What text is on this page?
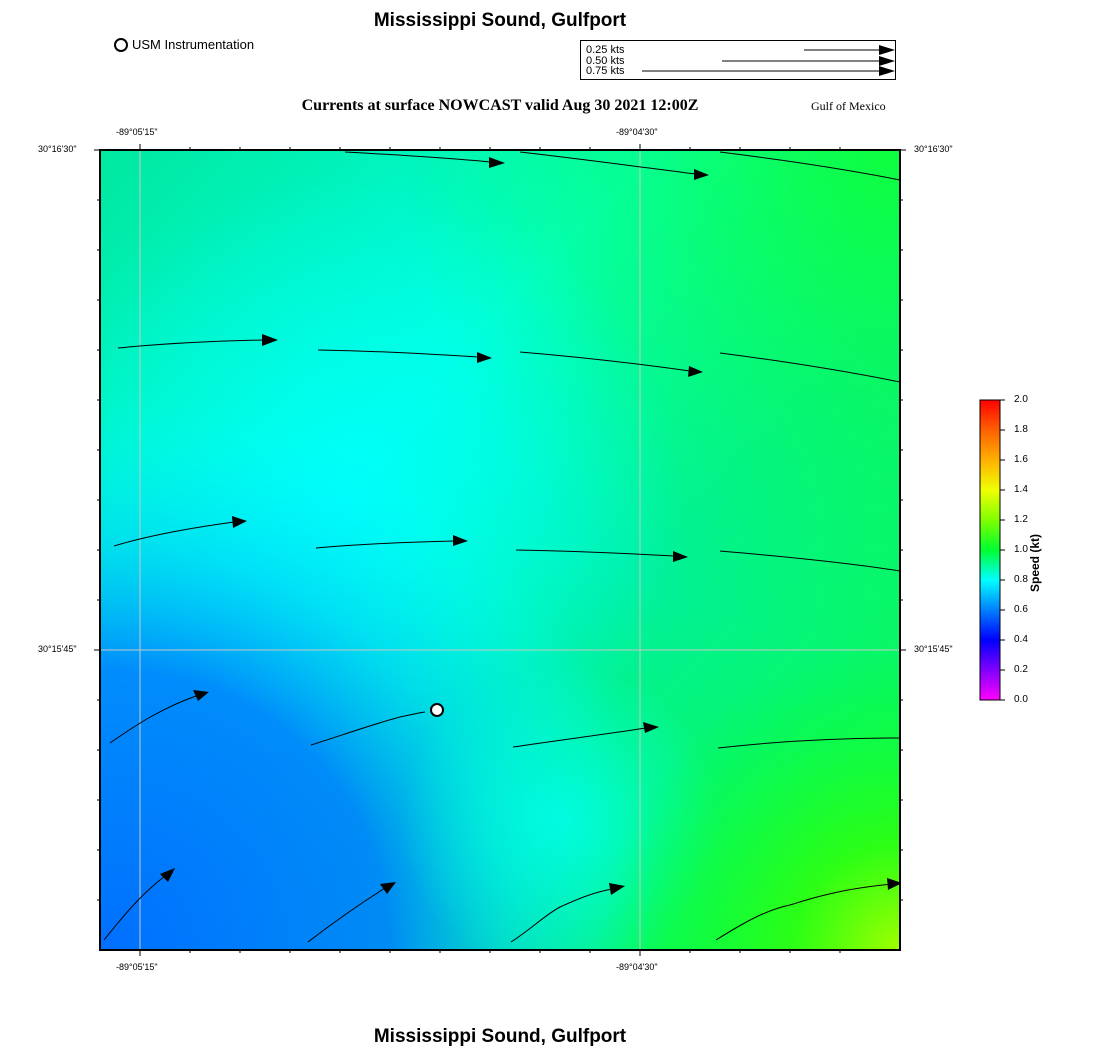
Mississippi Sound, Gulfport
USM Instrumentation	0.25 kts
0.50 kts
0.75 kts
Currents at surface NOWCAST valid Aug 30 2021 12:00Z	Gulf of Mexico
-89°05'15"	-89°04'30"
-89°05'15"	-89°04'30"
30°16'30"
30°15'45"
30°16'30"
30°15'45"
2.0
1.8
1.6
1.4
1.2
1.0
0.8
0.6
0.4
0.2
0.0
Speed (kt)
Mississippi Sound, Gulfport
